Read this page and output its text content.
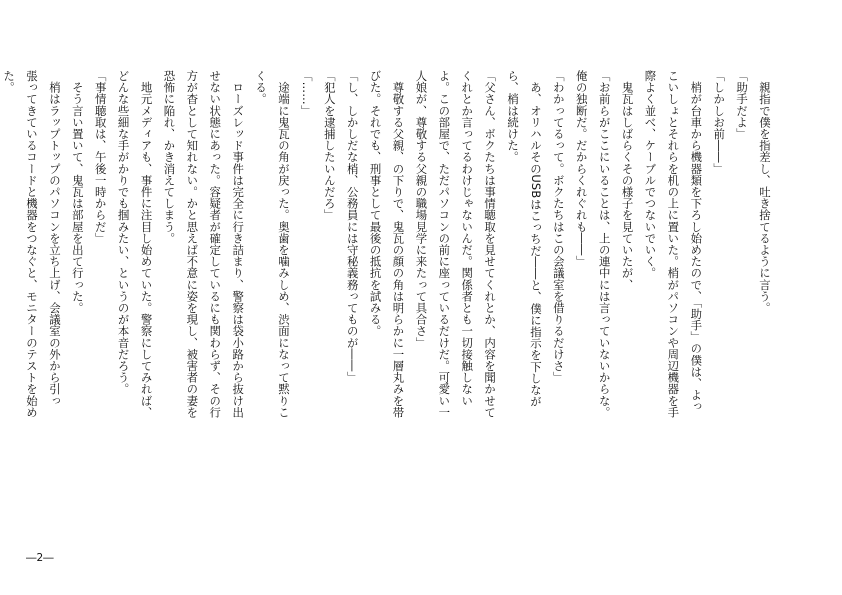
　親指で僕を指差し、吐き捨てるように言う。
「助手だよ」
「しかしお前――」
　梢が台車から機器類を下ろし始めたので、「助手」の僕は、よっ
こいしょとそれらを机の上に置いた。梢がパソコンや周辺機器を手
際よく並べ、ケーブルでつないでいく。
　鬼瓦はしばらくその様子を見ていたが、
「お前らがここにいることは、上の連中には言っていないからな。
俺の独断だ。だからくれぐれも――」
「わかってるって。ボクたちはこの会議室を借りるだけさ」
　あ、オリハルそのUSBはこっちだ――と、僕に指示を下しなが
ら、梢は続けた。
「父さん、ボクたちは事情聴取を見せてくれとか、内容を聞かせて
くれとか言ってるわけじゃないんだ。関係者とも一切接触しない
よ。この部屋で、ただパソコンの前に座っているだけだ。可愛い一
人娘が、尊敬する父親の職場見学に来たって具合さ」
　尊敬する父親、の下りで、鬼瓦の顔の角は明らかに一層丸みを帯
びた。それでも、刑事として最後の抵抗を試みる。
「し、しかしだな梢、公務員には守秘義務ってものが――」
「犯人を逮捕したいんだろ」
「……」
　途端に鬼瓦の角が戻った。奥歯を噛みしめ、渋面になって黙りこ
くる。
　ローズレッド事件は完全に行き詰まり、警察は袋小路から抜け出
せない状態にあった。容疑者が確定しているにも関わらず、その行
方が杳として知れない。かと思えば不意に姿を現し、被害者の妻を
恐怖に陥れ、かき消えてしまう。
　地元メディアも、事件に注目し始めていた。警察にしてみれば、
どんな些細な手がかりでも掴みたい、というのが本音だろう。
「事情聴取は、午後一時からだ」
　そう言い置いて、鬼瓦は部屋を出て行った。
　梢はラップトップのパソコンを立ち上げ、会議室の外から引っ
張ってきているコードと機器をつなぐと、モニターのテストを始め
た。
―2―
